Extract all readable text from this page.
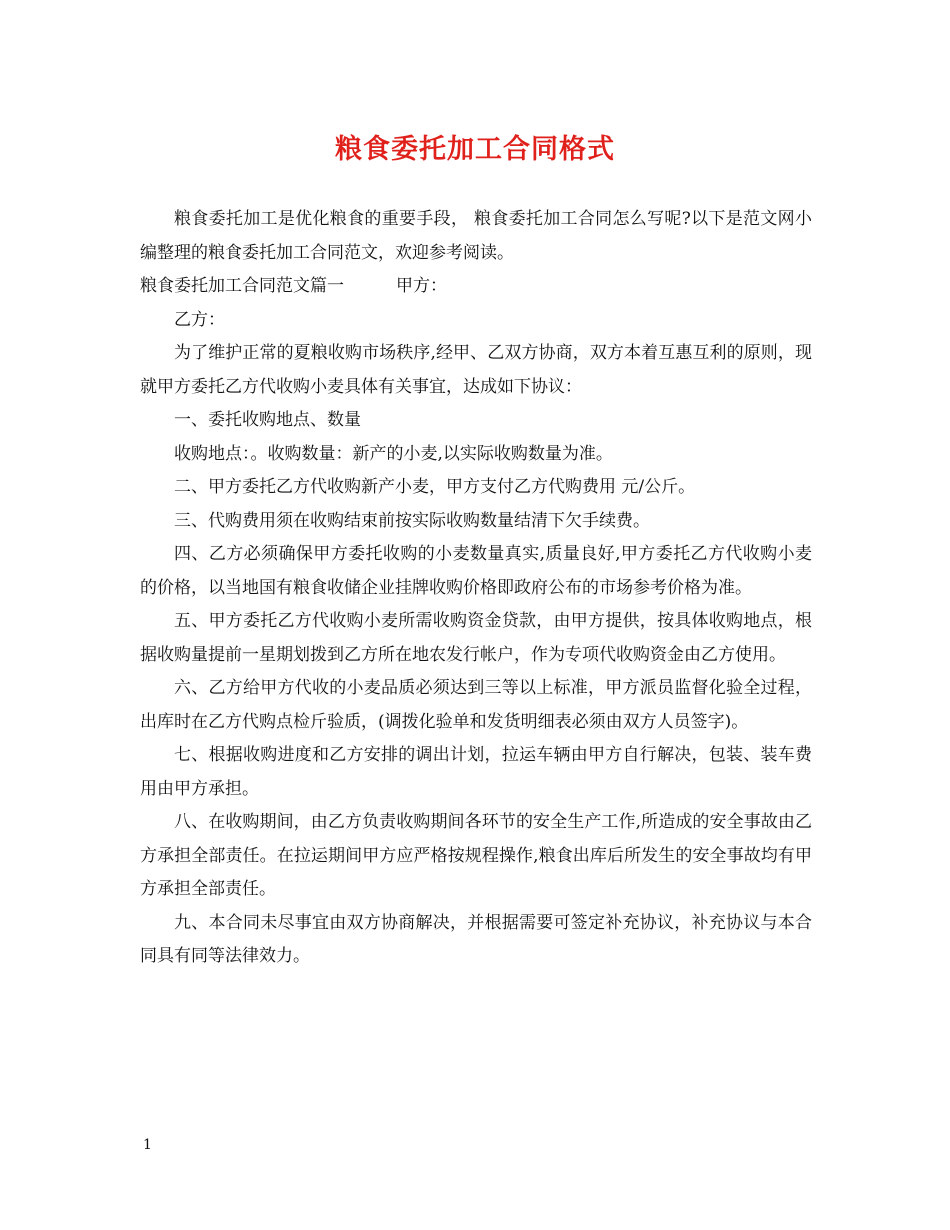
粮食委托加工合同格式

粮食委托加工是优化粮食的重要手段， 粮食委托加工合同怎么写呢?以下是范文网小编整理的粮食委托加工合同范文，欢迎参考阅读。

粮食委托加工合同范文篇一	甲方：

乙方：

为了维护正常的夏粮收购市场秩序,经甲、乙双方协商，双方本着互惠互利的原则，现就甲方委托乙方代收购小麦具体有关事宜，达成如下协议：

一、委托收购地点、数量

收购地点：。收购数量：新产的小麦,以实际收购数量为准。

二、甲方委托乙方代收购新产小麦，甲方支付乙方代购费用 元/公斤。

三、代购费用须在收购结束前按实际收购数量结清下欠手续费。

四、乙方必须确保甲方委托收购的小麦数量真实,质量良好,甲方委托乙方代收购小麦的价格，以当地国有粮食收储企业挂牌收购价格即政府公布的市场参考价格为准。

五、甲方委托乙方代收购小麦所需收购资金贷款，由甲方提供，按具体收购地点，根据收购量提前一星期划拨到乙方所在地农发行帐户，作为专项代收购资金由乙方使用。

六、乙方给甲方代收的小麦品质必须达到三等以上标准，甲方派员监督化验全过程，出库时在乙方代购点检斤验质，(调拨化验单和发货明细表必须由双方人员签字)。

七、根据收购进度和乙方安排的调出计划，拉运车辆由甲方自行解决，包装、装车费用由甲方承担。

八、在收购期间，由乙方负责收购期间各环节的安全生产工作,所造成的安全事故由乙方承担全部责任。在拉运期间甲方应严格按规程操作,粮食出库后所发生的安全事故均有甲方承担全部责任。

九、本合同未尽事宜由双方协商解决，并根据需要可签定补充协议，补充协议与本合同具有同等法律效力。

1
